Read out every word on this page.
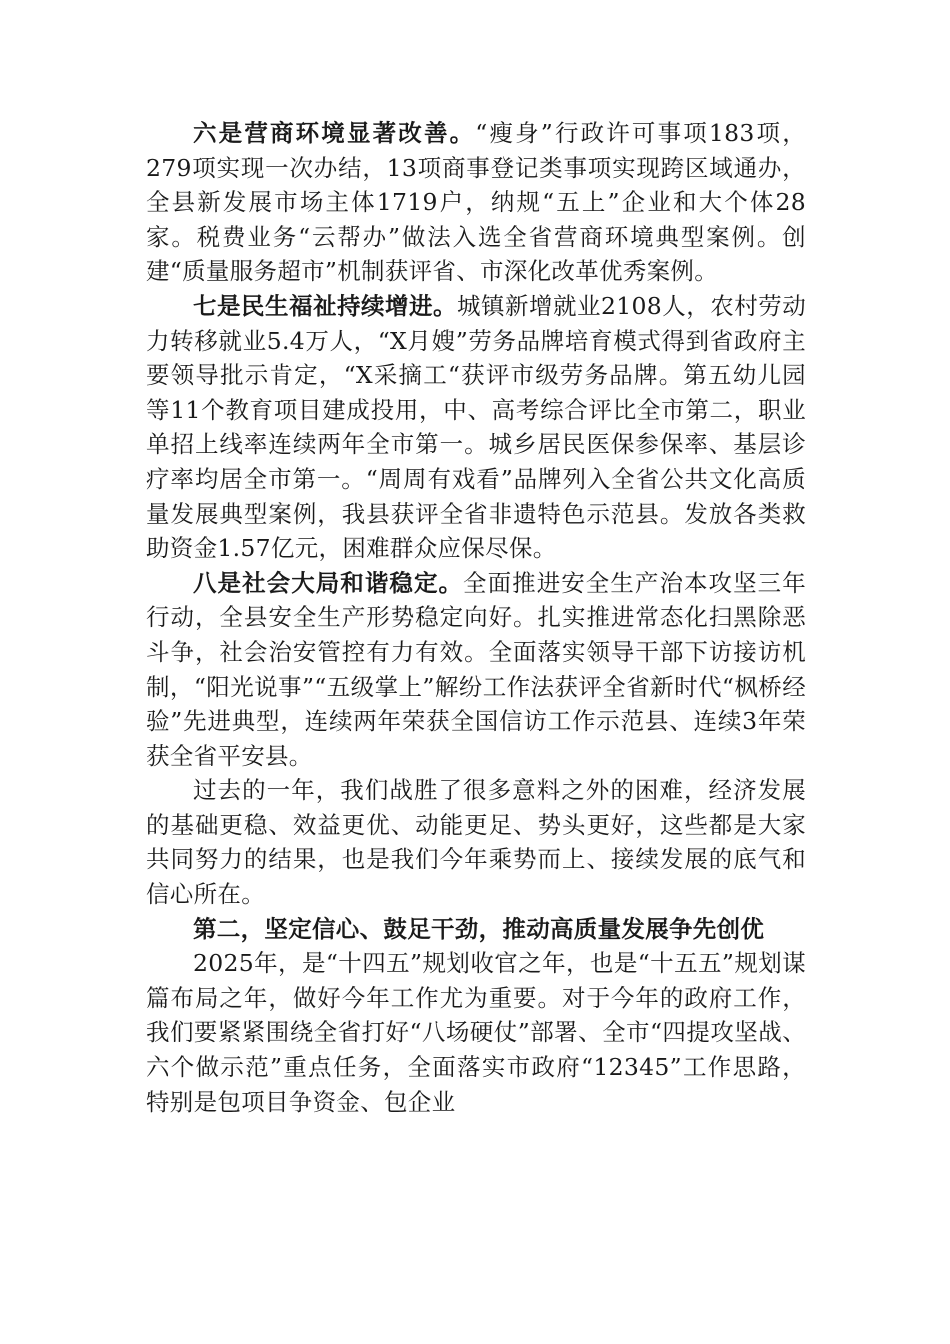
六是营商环境显著改善。“瘦身”行政许可事项183项，279项实现一次办结，13项商事登记类事项实现跨区域通办，全县新发展市场主体1719户，纳规“五上”企业和大个体28家。税费业务“云帮办”做法入选全省营商环境典型案例。创建“质量服务超市”机制获评省、市深化改革优秀案例。

七是民生福祉持续增进。城镇新增就业2108人，农村劳动力转移就业5.4万人，“X月嫂”劳务品牌培育模式得到省政府主要领导批示肯定，“X采摘工“获评市级劳务品牌。第五幼儿园等11个教育项目建成投用，中、高考综合评比全市第二，职业单招上线率连续两年全市第一。城乡居民医保参保率、基层诊疗率均居全市第一。“周周有戏看”品牌列入全省公共文化高质量发展典型案例，我县获评全省非遗特色示范县。发放各类救助资金1.57亿元，困难群众应保尽保。

八是社会大局和谐稳定。全面推进安全生产治本攻坚三年行动，全县安全生产形势稳定向好。扎实推进常态化扫黑除恶斗争，社会治安管控有力有效。全面落实领导干部下访接访机制，“阳光说事”“五级掌上”解纷工作法获评全省新时代“枫桥经验”先进典型，连续两年荣获全国信访工作示范县、连续3年荣获全省平安县。

过去的一年，我们战胜了很多意料之外的困难，经济发展的基础更稳、效益更优、动能更足、势头更好，这些都是大家共同努力的结果，也是我们今年乘势而上、接续发展的底气和信心所在。

第二，坚定信心、鼓足干劲，推动高质量发展争先创优

2025年，是“十四五”规划收官之年，也是“十五五”规划谋篇布局之年，做好今年工作尤为重要。对于今年的政府工作，我们要紧紧围绕全省打好“八场硬仗”部署、全市“四提攻坚战、六个做示范”重点任务，全面落实市政府“12345”工作思路，特别是包项目争资金、包企业
